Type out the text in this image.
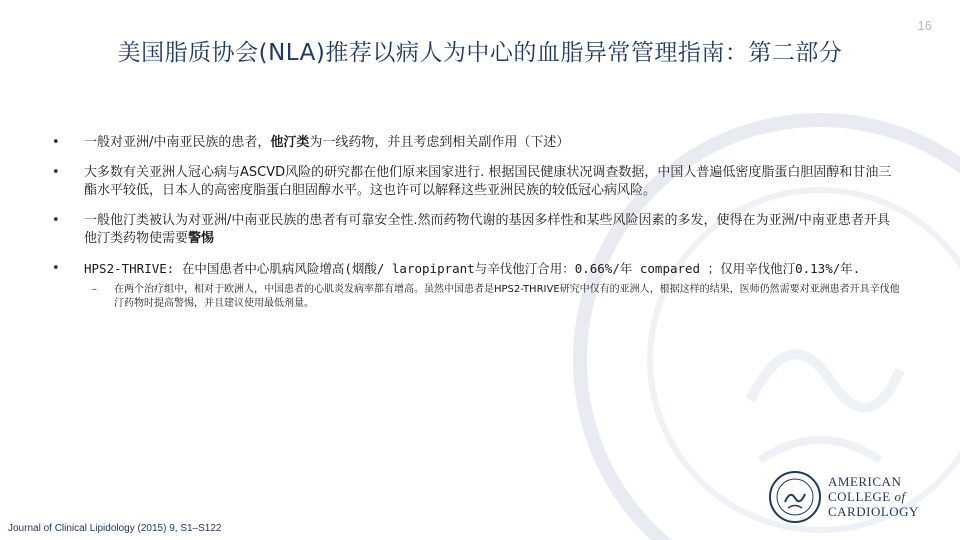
16
美国脂质协会(NLA)推荐以病人为中心的血脂异常管理指南：第二部分
• 一般对亚洲/中南亚民族的患者，他汀类为一线药物，并且考虑到相关副作用（下述）
• 大多数有关亚洲人冠心病与ASCVD风险的研究都在他们原来国家进行. 根据国民健康状况调查数据，中国人普遍低密度脂蛋白胆固醇和甘油三酯水平较低，日本人的高密度脂蛋白胆固醇水平。这也许可以解释这些亚洲民族的较低冠心病风险。
• 一般他汀类被认为对亚洲/中南亚民族的患者有可靠安全性.然而药物代谢的基因多样性和某些风险因素的多发，使得在为亚洲/中南亚患者开具他汀类药物使需要警惕
• HPS2-THRIVE: 在中国患者中心肌病风险增高(烟酸/ laropiprant与辛伐他汀合用：0.66%/年 compared ；仅用辛伐他汀0.13%/年.
– 在两个治疗组中，相对于欧洲人，中国患者的心肌炎发病率都有增高。虽然中国患者是HPS2-THRIVE研究中仅有的亚洲人，根据这样的结果，医师仍然需要对亚洲患者开具辛伐他汀药物时提高警惕，并且建议使用最低剂量。
Journal of Clinical Lipidology (2015) 9, S1–S122
AMERICAN
COLLEGE of
CARDIOLOGY
